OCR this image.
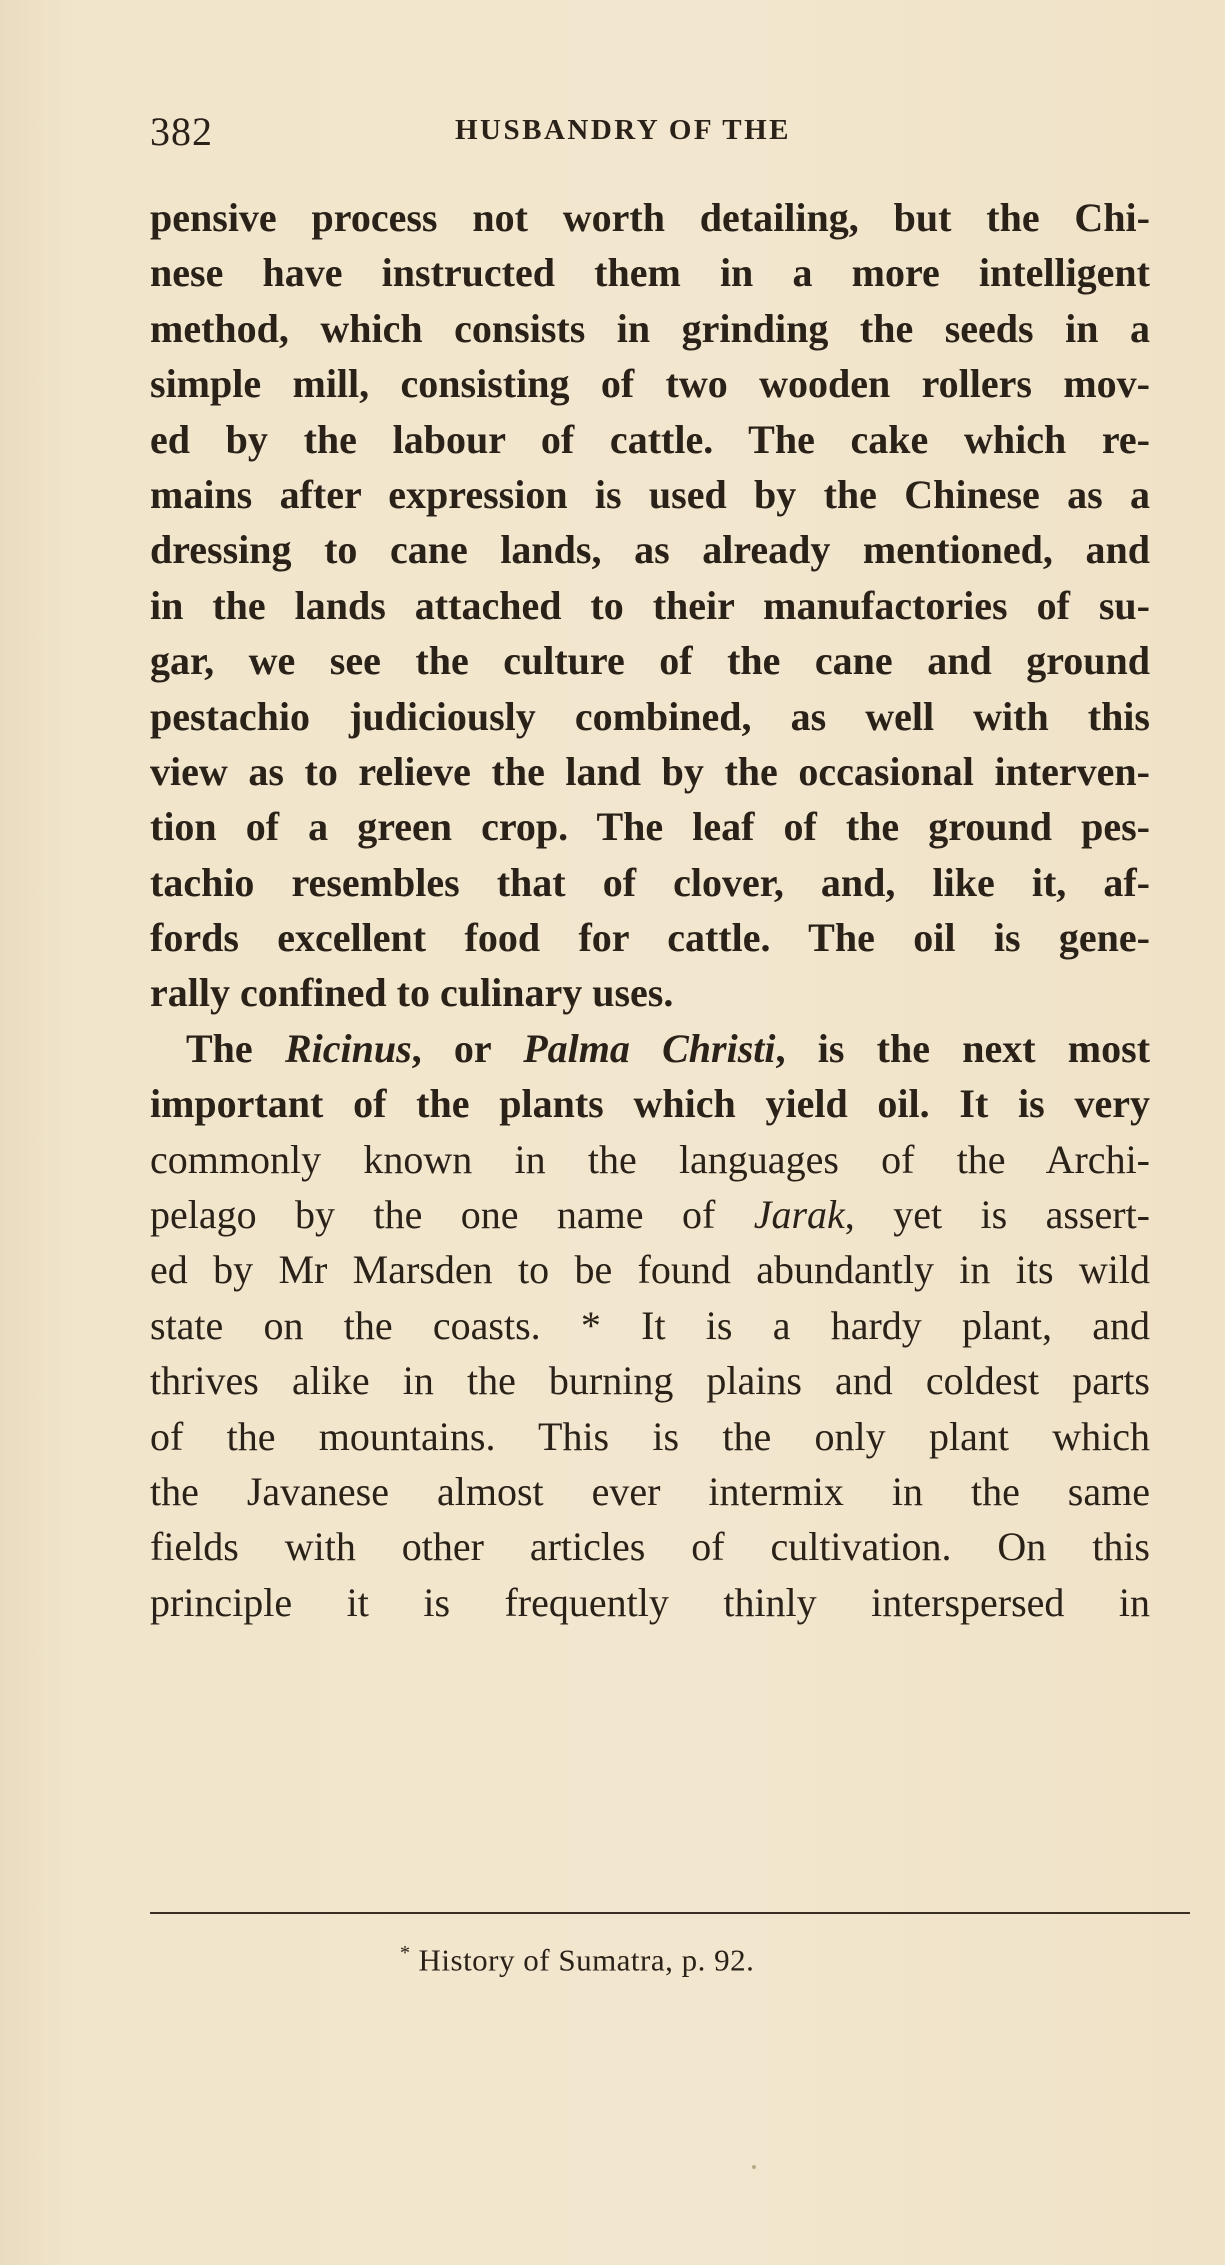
382	HUSBANDRY OF THE
pensive process not worth detailing, but the Chi-
nese have instructed them in a more intelligent
method, which consists in grinding the seeds in a
simple mill, consisting of two wooden rollers mov-
ed by the labour of cattle. The cake which re-
mains after expression is used by the Chinese as a
dressing to cane lands, as already mentioned, and
in the lands attached to their manufactories of su-
gar, we see the culture of the cane and ground
pestachio judiciously combined, as well with this
view as to relieve the land by the occasional interven-
tion of a green crop. The leaf of the ground pes-
tachio resembles that of clover, and, like it, af-
fords excellent food for cattle. The oil is gene-
rally confined to culinary uses.
The Ricinus, or Palma Christi, is the next most
important of the plants which yield oil. It is very
commonly known in the languages of the Archi-
pelago by the one name of Jarak, yet is assert-
ed by Mr Marsden to be found abundantly in its wild
state on the coasts. * It is a hardy plant, and
thrives alike in the burning plains and coldest parts
of the mountains. This is the only plant which
the Javanese almost ever intermix in the same
fields with other articles of cultivation. On this
principle it is frequently thinly interspersed in
* History of Sumatra, p. 92.
